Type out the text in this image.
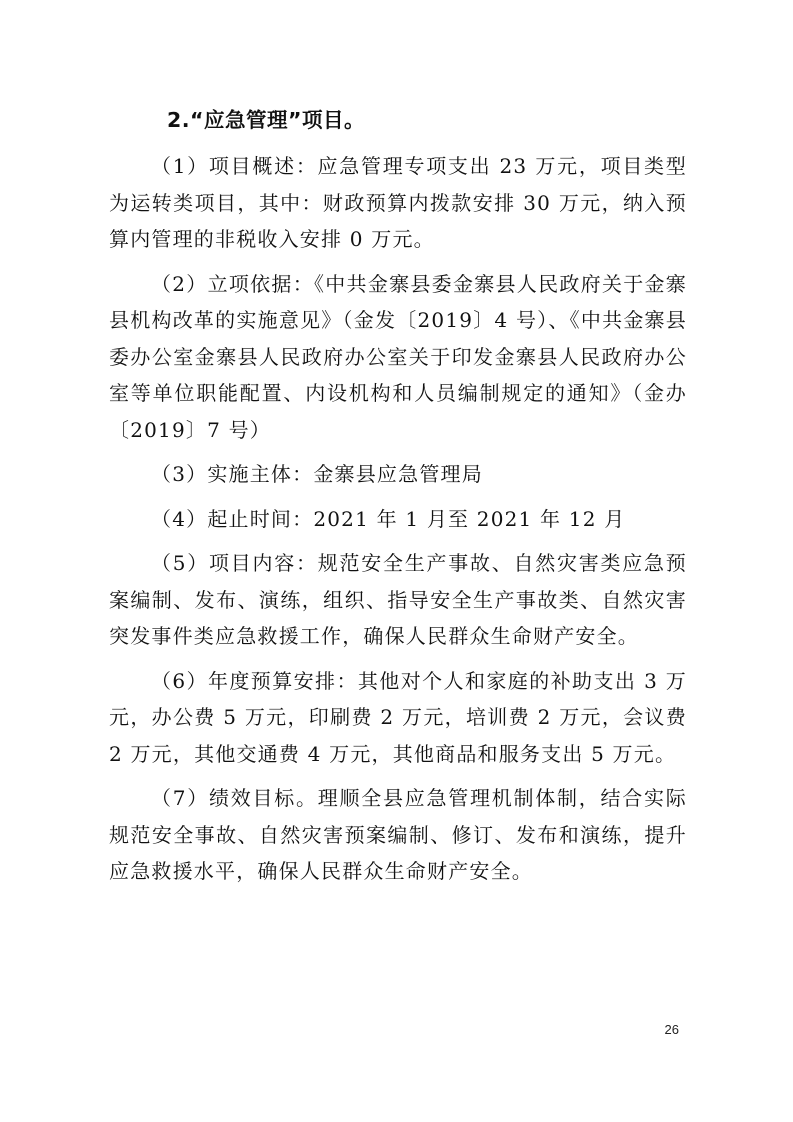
2.“应急管理”项目。

（1）项目概述：应急管理专项支出 23 万元，项目类型为运转类项目，其中：财政预算内拨款安排 30 万元，纳入预算内管理的非税收入安排 0 万元。

（2）立项依据：《中共金寨县委金寨县人民政府关于金寨县机构改革的实施意见》（金发〔2019〕4 号）、《中共金寨县委办公室金寨县人民政府办公室关于印发金寨县人民政府办公室等单位职能配置、内设机构和人员编制规定的通知》（金办〔2019〕7 号）

（3）实施主体：金寨县应急管理局

（4）起止时间：2021 年 1 月至 2021 年 12 月

（5）项目内容：规范安全生产事故、自然灾害类应急预案编制、发布、演练，组织、指导安全生产事故类、自然灾害突发事件类应急救援工作，确保人民群众生命财产安全。

（6）年度预算安排：其他对个人和家庭的补助支出 3 万元，办公费 5 万元，印刷费 2 万元，培训费 2 万元，会议费 2 万元，其他交通费 4 万元，其他商品和服务支出 5 万元。

（7）绩效目标。理顺全县应急管理机制体制，结合实际规范安全事故、自然灾害预案编制、修订、发布和演练，提升应急救援水平，确保人民群众生命财产安全。

26
